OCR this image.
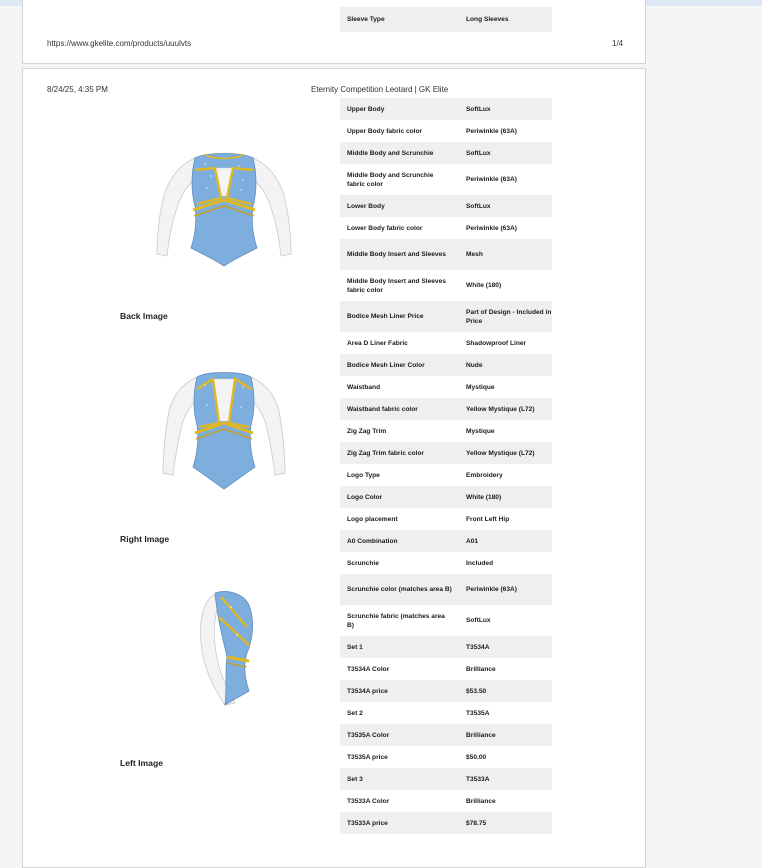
Sleeve Type	Long Sleeves
https://www.gkelite.com/products/uuulvts	1/4
8/24/25, 4:35 PM	Eternity Competition Leotard | GK Elite
Back Image
Right Image
Left Image
Upper Body	SoftLux
Upper Body fabric color	Periwinkle (63A)
Middle Body and Scrunchie	SoftLux
Middle Body and Scrunchie fabric color	Periwinkle (63A)
Lower Body	SoftLux
Lower Body fabric color	Periwinkle (63A)
Middle Body Insert and Sleeves	Mesh
Middle Body Insert and Sleeves fabric color	White (180)
Bodice Mesh Liner Price	Part of Design - Included in Price
Area D Liner Fabric	Shadowproof Liner
Bodice Mesh Liner Color	Nude
Waistband	Mystique
Waistband fabric color	Yellow Mystique (L72)
Zig Zag Trim	Mystique
Zig Zag Trim fabric color	Yellow Mystique (L72)
Logo Type	Embroidery
Logo Color	White (180)
Logo placement	Front Left Hip
A0 Combination	A01
Scrunchie	Included
Scrunchie color (matches area B)	Periwinkle (63A)
Scrunchie fabric (matches area B)	SoftLux
Set 1	T3534A
T3534A Color	Brilliance
T3534A price	$53.50
Set 2	T3535A
T3535A Color	Brilliance
T3535A price	$50.00
Set 3	T3533A
T3533A Color	Brilliance
T3533A price	$78.75
